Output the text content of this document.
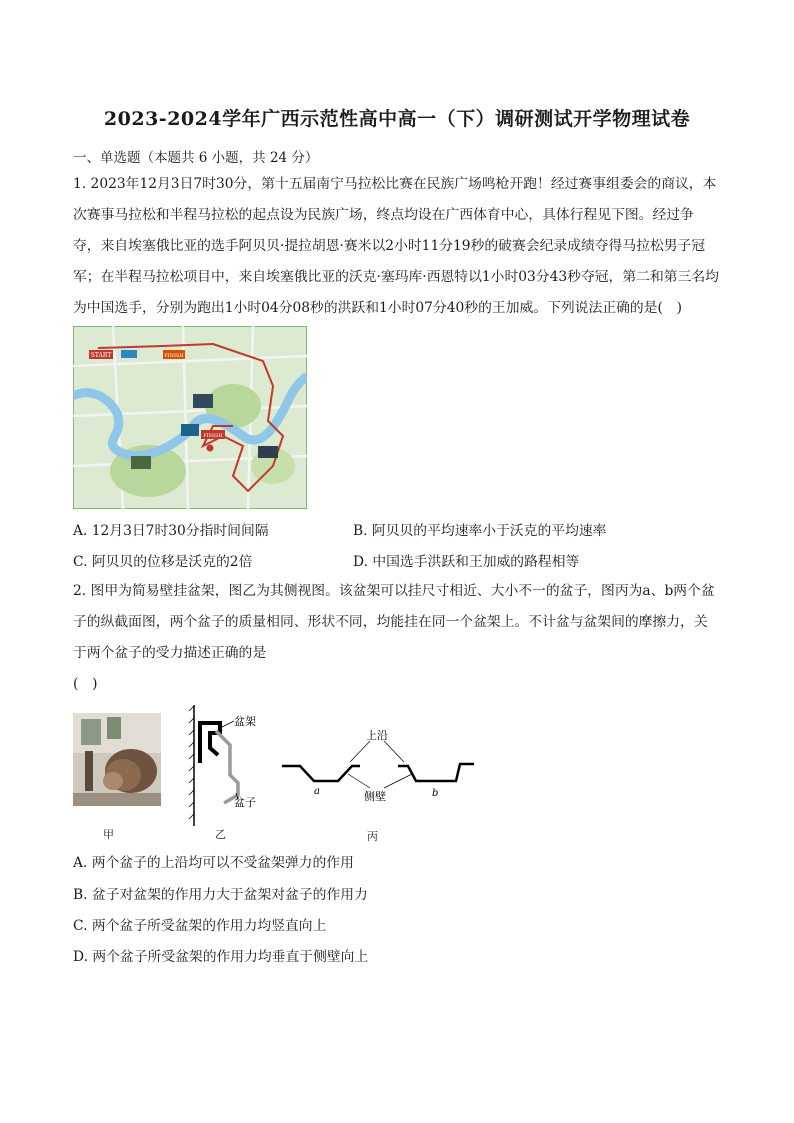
2023-2024学年广西示范性高中高一（下）调研测试开学物理试卷
一、单选题（本题共 6 小题，共 24 分）
1. 2023年12月3日7时30分，第十五届南宁马拉松比赛在民族广场鸣枪开跑！经过赛事组委会的商议，本
次赛事马拉松和半程马拉松的起点设为民族广场，终点均设在广西体育中心，具体行程见下图。经过争
夺，来自埃塞俄比亚的选手阿贝贝·提拉胡恩·赛米以2小时11分19秒的破赛会纪录成绩夺得马拉松男子冠
军；在半程马拉松项目中，来自埃塞俄比亚的沃克·塞玛库·西恩特以1小时03分43秒夺冠，第二和第三名均
为中国选手，分别为跑出1小时04分08秒的洪跃和1小时07分40秒的王加威。下列说法正确的是(　)
START	FINISH
FINISH
A. 12月3日7时30分指时间间隔	B. 阿贝贝的平均速率小于沃克的平均速率
C. 阿贝贝的位移是沃克的2倍	D. 中国选手洪跃和王加威的路程相等
2. 图甲为简易壁挂盆架，图乙为其侧视图。该盆架可以挂尺寸相近、大小不一的盆子，图丙为a、b两个盆
子的纵截面图，两个盆子的质量相同、形状不同，均能挂在同一个盆架上。不计盆与盆架间的摩擦力，关
于两个盆子的受力描述正确的是
(　)
甲
盆架
盆子
乙
上沿
侧壁
a	b
丙
A. 两个盆子的上沿均可以不受盆架弹力的作用
B. 盆子对盆架的作用力大于盆架对盆子的作用力
C. 两个盆子所受盆架的作用力均竖直向上
D. 两个盆子所受盆架的作用力均垂直于侧壁向上
